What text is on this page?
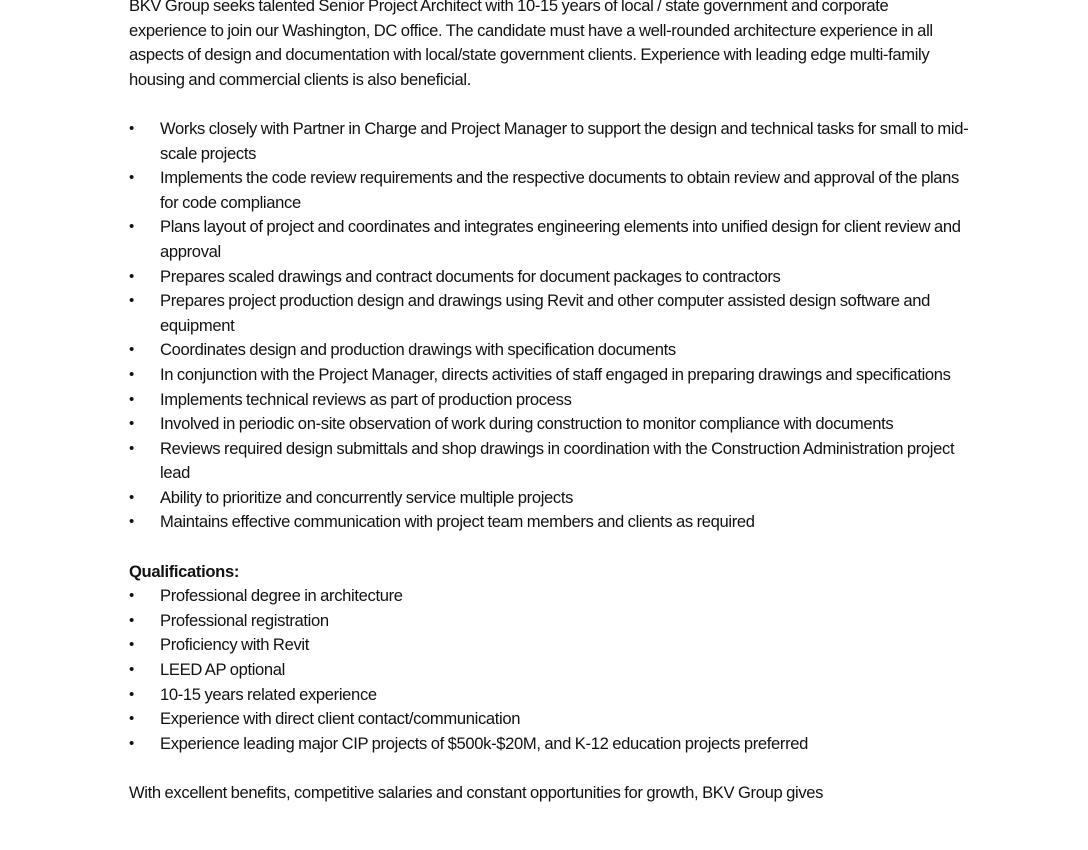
BKV Group seeks talented Senior Project Architect with 10-15 years of local / state government and corporate experience to join our Washington, DC office. The candidate must have a well-rounded architecture experience in all aspects of design and documentation with local/state government clients. Experience with leading edge multi-family housing and commercial clients is also beneficial.

•	Works closely with Partner in Charge and Project Manager to support the design and technical tasks for small to mid-scale projects
•	Implements the code review requirements and the respective documents to obtain review and approval of the plans for code compliance
•	Plans layout of project and coordinates and integrates engineering elements into unified design for client review and approval
•	Prepares scaled drawings and contract documents for document packages to contractors
•	Prepares project production design and drawings using Revit and other computer assisted design software and equipment
•	Coordinates design and production drawings with specification documents
•	In conjunction with the Project Manager, directs activities of staff engaged in preparing drawings and specifications
•	Implements technical reviews as part of production process
•	Involved in periodic on-site observation of work during construction to monitor compliance with documents
•	Reviews required design submittals and shop drawings in coordination with the Construction Administration project lead
•	Ability to prioritize and concurrently service multiple projects
•	Maintains effective communication with project team members and clients as required

Qualifications:

•	Professional degree in architecture
•	Professional registration
•	Proficiency with Revit
•	LEED AP optional
•	10-15 years related experience
•	Experience with direct client contact/communication
•	Experience leading major CIP projects of $500k-$20M, and K-12 education projects preferred

With excellent benefits, competitive salaries and constant opportunities for growth, BKV Group gives
